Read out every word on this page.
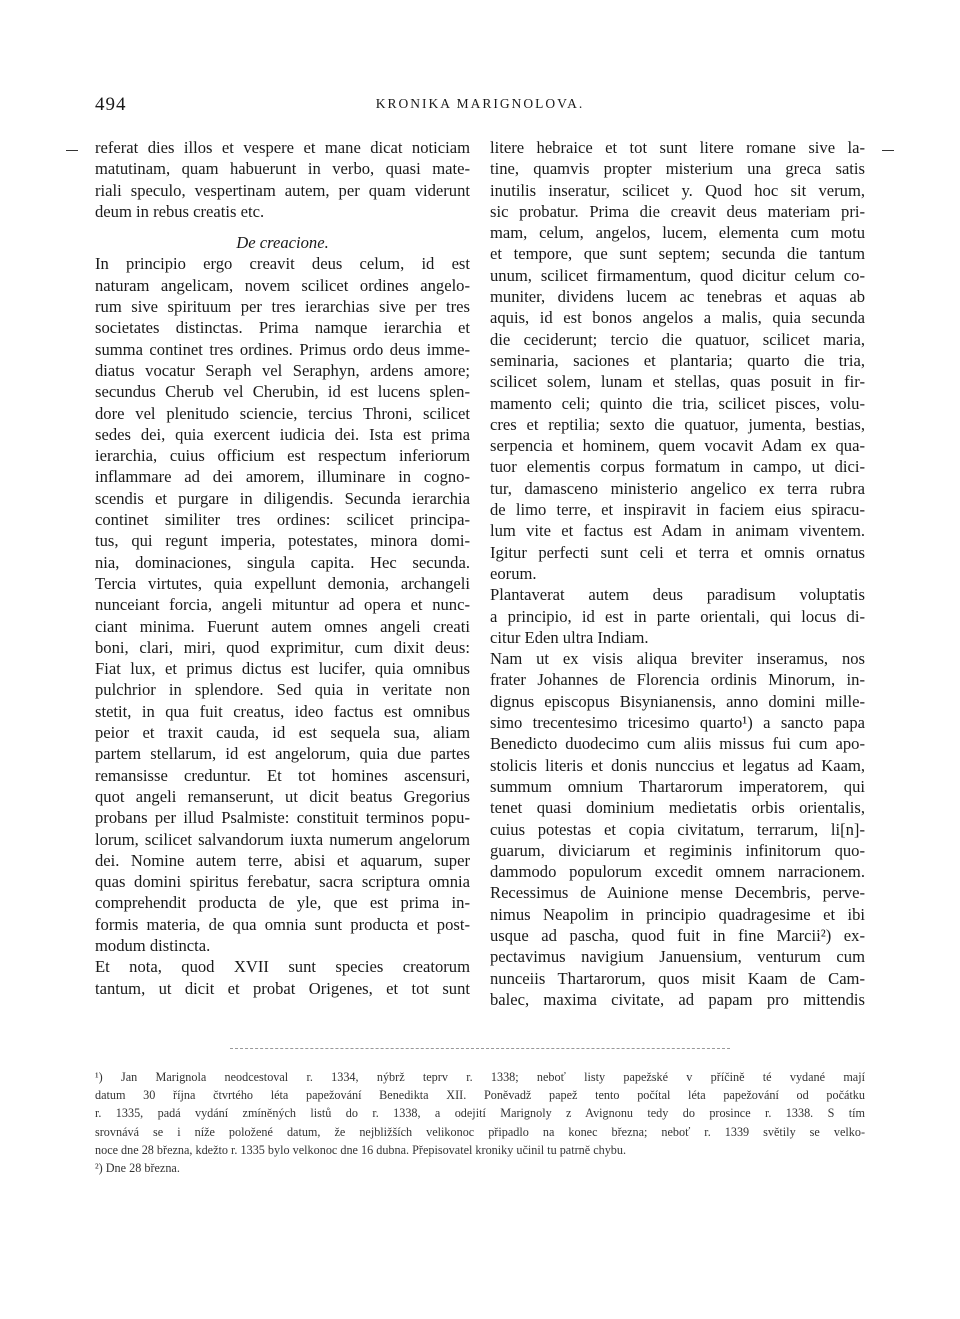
494	KRONIKA MARIGNOLOVA.
referat dies illos et vespere et mane dicat noticiam
matutinam, quam habuerunt in verbo, quasi mate-
riali speculo, vespertinam autem, per quam viderunt
deum in rebus creatis etc.
De creacione.
In principio ergo creavit deus celum, id est
naturam angelicam, novem scilicet ordines angelo-
rum sive spirituum per tres ierarchias sive per tres
societates distinctas. Prima namque ierarchia et
summa continet tres ordines. Primus ordo deus imme-
diatus vocatur Seraph vel Seraphyn, ardens amore;
secundus Cherub vel Cherubin, id est lucens splen-
dore vel plenitudo sciencie, tercius Throni, scilicet
sedes dei, quia exercent iudicia dei. Ista est prima
ierarchia, cuius officium est respectum inferiorum
inflammare ad dei amorem, illuminare in cogno-
scendis et purgare in diligendis. Secunda ierarchia
continet similiter tres ordines: scilicet principa-
tus, qui regunt imperia, potestates, minora domi-
nia, dominaciones, singula capita. Hec secunda.
Tercia virtutes, quia expellunt demonia, archangeli
nunceiant forcia, angeli mituntur ad opera et nunc-
ciant minima. Fuerunt autem omnes angeli creati
boni, clari, miri, quod exprimitur, cum dixit deus:
Fiat lux, et primus dictus est lucifer, quia omnibus
pulchrior in splendore. Sed quia in veritate non
stetit, in qua fuit creatus, ideo factus est omnibus
peior et traxit cauda, id est sequela sua, aliam
partem stellarum, id est angelorum, quia due partes
remansisse creduntur. Et tot homines ascensuri,
quot angeli remanserunt, ut dicit beatus Gregorius
probans per illud Psalmiste: constituit terminos popu-
lorum, scilicet salvandorum iuxta numerum angelorum
dei. Nomine autem terre, abisi et aquarum, super
quas domini spiritus ferebatur, sacra scriptura omnia
comprehendit producta de yle, que est prima in-
formis materia, de qua omnia sunt producta et post-
modum distincta.
Et nota, quod XVII sunt species creatorum
tantum, ut dicit et probat Origenes, et tot sunt
litere hebraice et tot sunt litere romane sive la-
tine, quamvis propter misterium una greca satis
inutilis inseratur, scilicet y. Quod hoc sit verum,
sic probatur. Prima die creavit deus materiam pri-
mam, celum, angelos, lucem, elementa cum motu
et tempore, que sunt septem; secunda die tantum
unum, scilicet firmamentum, quod dicitur celum co-
muniter, dividens lucem ac tenebras et aquas ab
aquis, id est bonos angelos a malis, quia secunda
die ceciderunt; tercio die quatuor, scilicet maria,
seminaria, saciones et plantaria; quarto die tria,
scilicet solem, lunam et stellas, quas posuit in fir-
mamento celi; quinto die tria, scilicet pisces, volu-
cres et reptilia; sexto die quatuor, jumenta, bestias,
serpencia et hominem, quem vocavit Adam ex qua-
tuor elementis corpus formatum in campo, ut dici-
tur, damasceno ministerio angelico ex terra rubra
de limo terre, et inspiravit in faciem eius spiracu-
lum vite et factus est Adam in animam viventem.
Igitur perfecti sunt celi et terra et omnis ornatus
eorum.
Plantaverat autem deus paradisum voluptatis
a principio, id est in parte orientali, qui locus di-
citur Eden ultra Indiam.
Nam ut ex visis aliqua breviter inseramus, nos
frater Johannes de Florencia ordinis Minorum, in-
dignus episcopus Bisynianensis, anno domini mille-
simo trecentesimo tricesimo quarto¹) a sancto papa
Benedicto duodecimo cum aliis missus fui cum apo-
stolicis literis et donis nunccius et legatus ad Kaam,
summum omnium Thartarorum imperatorem, qui
tenet quasi dominium medietatis orbis orientalis,
cuius potestas et copia civitatum, terrarum, li[n]-
guarum, diviciarum et regiminis infinitorum quo-
dammodo populorum excedit omnem narracionem.
Recessimus de Auinione mense Decembris, perve-
nimus Neapolim in principio quadragesime et ibi
usque ad pascha, quod fuit in fine Marcii²) ex-
pectavimus navigium Januensium, venturum cum
nunceiis Thartarorum, quos misit Kaam de Cam-
balec, maxima civitate, ad papam pro mittendis
¹) Jan Marignola neodcestoval r. 1334, nýbrž teprv r. 1338; neboť listy papežské v příčině té vydané mají
datum 30 října čtvrtého léta papežování Benedikta XII. Poněvadž papež tento počítal léta papežování od počátku
r. 1335, padá vydání zmíněných listů do r. 1338, a odejití Marignoly z Avignonu tedy do prosince r. 1338. S tím
srovnává se i níže položené datum, že nejbližších velikonoc připadlo na konec března; neboť r. 1339 světily se velko-
noce dne 28 března, kdežto r. 1335 bylo velkonoc dne 16 dubna. Přepisovatel kroniky učinil tu patrně chybu.
²) Dne 28 března.
